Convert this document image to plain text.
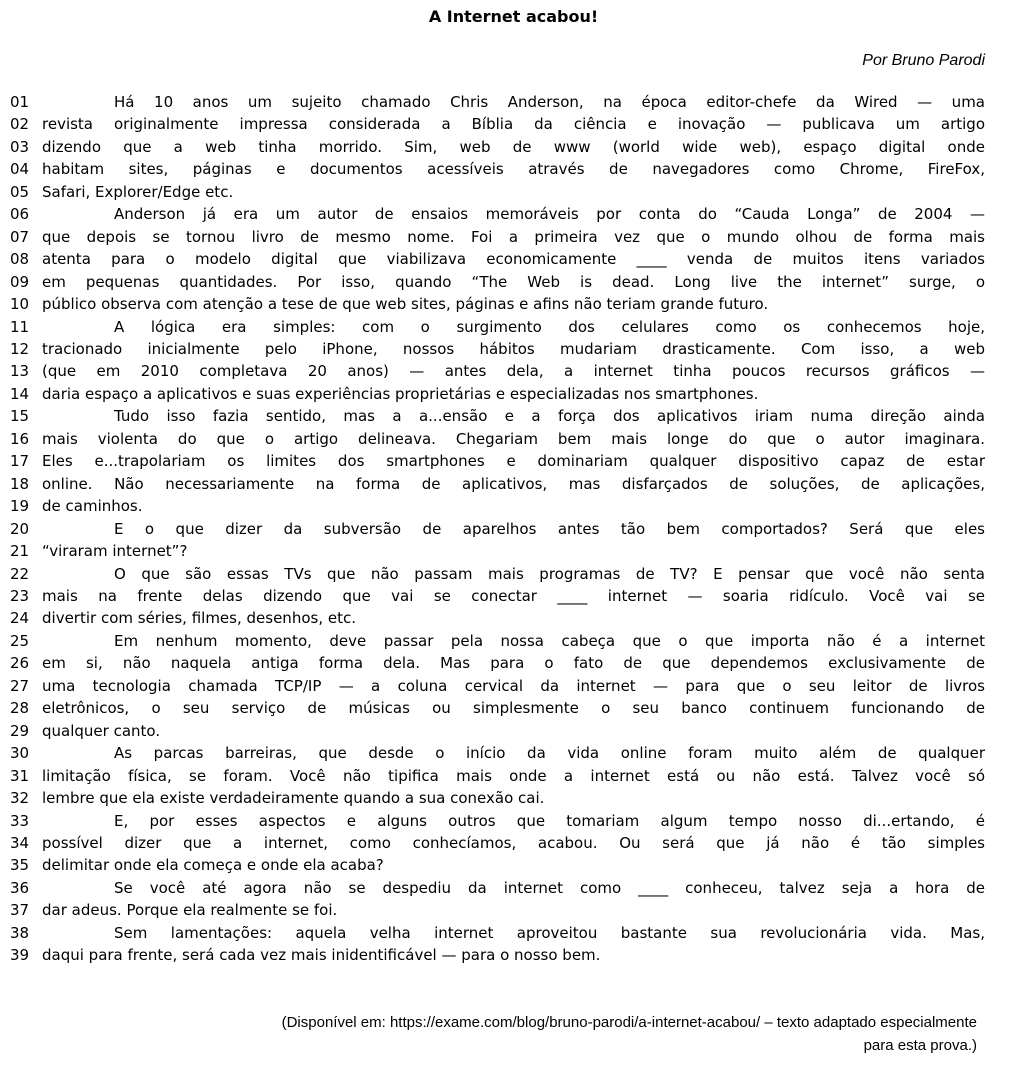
A Internet acabou!
Por Bruno Parodi
01	Há 10 anos um sujeito chamado Chris Anderson, na época editor-chefe da Wired — uma
02 revista originalmente impressa considerada a Bíblia da ciência e inovação — publicava um artigo
03 dizendo que a web tinha morrido. Sim, web de www (world wide web), espaço digital onde
04 habitam sites, páginas e documentos acessíveis através de navegadores como Chrome, FireFox,
05 Safari, Explorer/Edge etc.
06	Anderson já era um autor de ensaios memoráveis por conta do “Cauda Longa” de 2004 —
07 que depois se tornou livro de mesmo nome. Foi a primeira vez que o mundo olhou de forma mais
08 atenta para o modelo digital que viabilizava economicamente ____ venda de muitos itens variados
09 em pequenas quantidades. Por isso, quando “The Web is dead. Long live the internet” surge, o
10 público observa com atenção a tese de que web sites, páginas e afins não teriam grande futuro.
11	A lógica era simples: com o surgimento dos celulares como os conhecemos hoje,
12 tracionado inicialmente pelo iPhone, nossos hábitos mudariam drasticamente. Com isso, a web
13 (que em 2010 completava 20 anos) — antes dela, a internet tinha poucos recursos gráficos —
14 daria espaço a aplicativos e suas experiências proprietárias e especializadas nos smartphones.
15	Tudo isso fazia sentido, mas a a...ensão e a força dos aplicativos iriam numa direção ainda
16 mais violenta do que o artigo delineava. Chegariam bem mais longe do que o autor imaginara.
17 Eles e...trapolariam os limites dos smartphones e dominariam qualquer dispositivo capaz de estar
18 online. Não necessariamente na forma de aplicativos, mas disfarçados de soluções, de aplicações,
19 de caminhos.
20	E o que dizer da subversão de aparelhos antes tão bem comportados? Será que eles
21 “viraram internet”?
22	O que são essas TVs que não passam mais programas de TV? E pensar que você não senta
23 mais na frente delas dizendo que vai se conectar ____ internet — soaria ridículo. Você vai se
24 divertir com séries, filmes, desenhos, etc.
25	Em nenhum momento, deve passar pela nossa cabeça que o que importa não é a internet
26 em si, não naquela antiga forma dela. Mas para o fato de que dependemos exclusivamente de
27 uma tecnologia chamada TCP/IP — a coluna cervical da internet — para que o seu leitor de livros
28 eletrônicos, o seu serviço de músicas ou simplesmente o seu banco continuem funcionando de
29 qualquer canto.
30	As parcas barreiras, que desde o início da vida online foram muito além de qualquer
31 limitação física, se foram. Você não tipifica mais onde a internet está ou não está. Talvez você só
32 lembre que ela existe verdadeiramente quando a sua conexão cai.
33	E, por esses aspectos e alguns outros que tomariam algum tempo nosso di...ertando, é
34 possível dizer que a internet, como conhecíamos, acabou. Ou será que já não é tão simples
35 delimitar onde ela começa e onde ela acaba?
36	Se você até agora não se despediu da internet como ____ conheceu, talvez seja a hora de
37 dar adeus. Porque ela realmente se foi.
38	Sem lamentações: aquela velha internet aproveitou bastante sua revolucionária vida. Mas,
39 daqui para frente, será cada vez mais inidentificável — para o nosso bem.
(Disponível em: https://exame.com/blog/bruno-parodi/a-internet-acabou/ – texto adaptado especialmente
para esta prova.)
